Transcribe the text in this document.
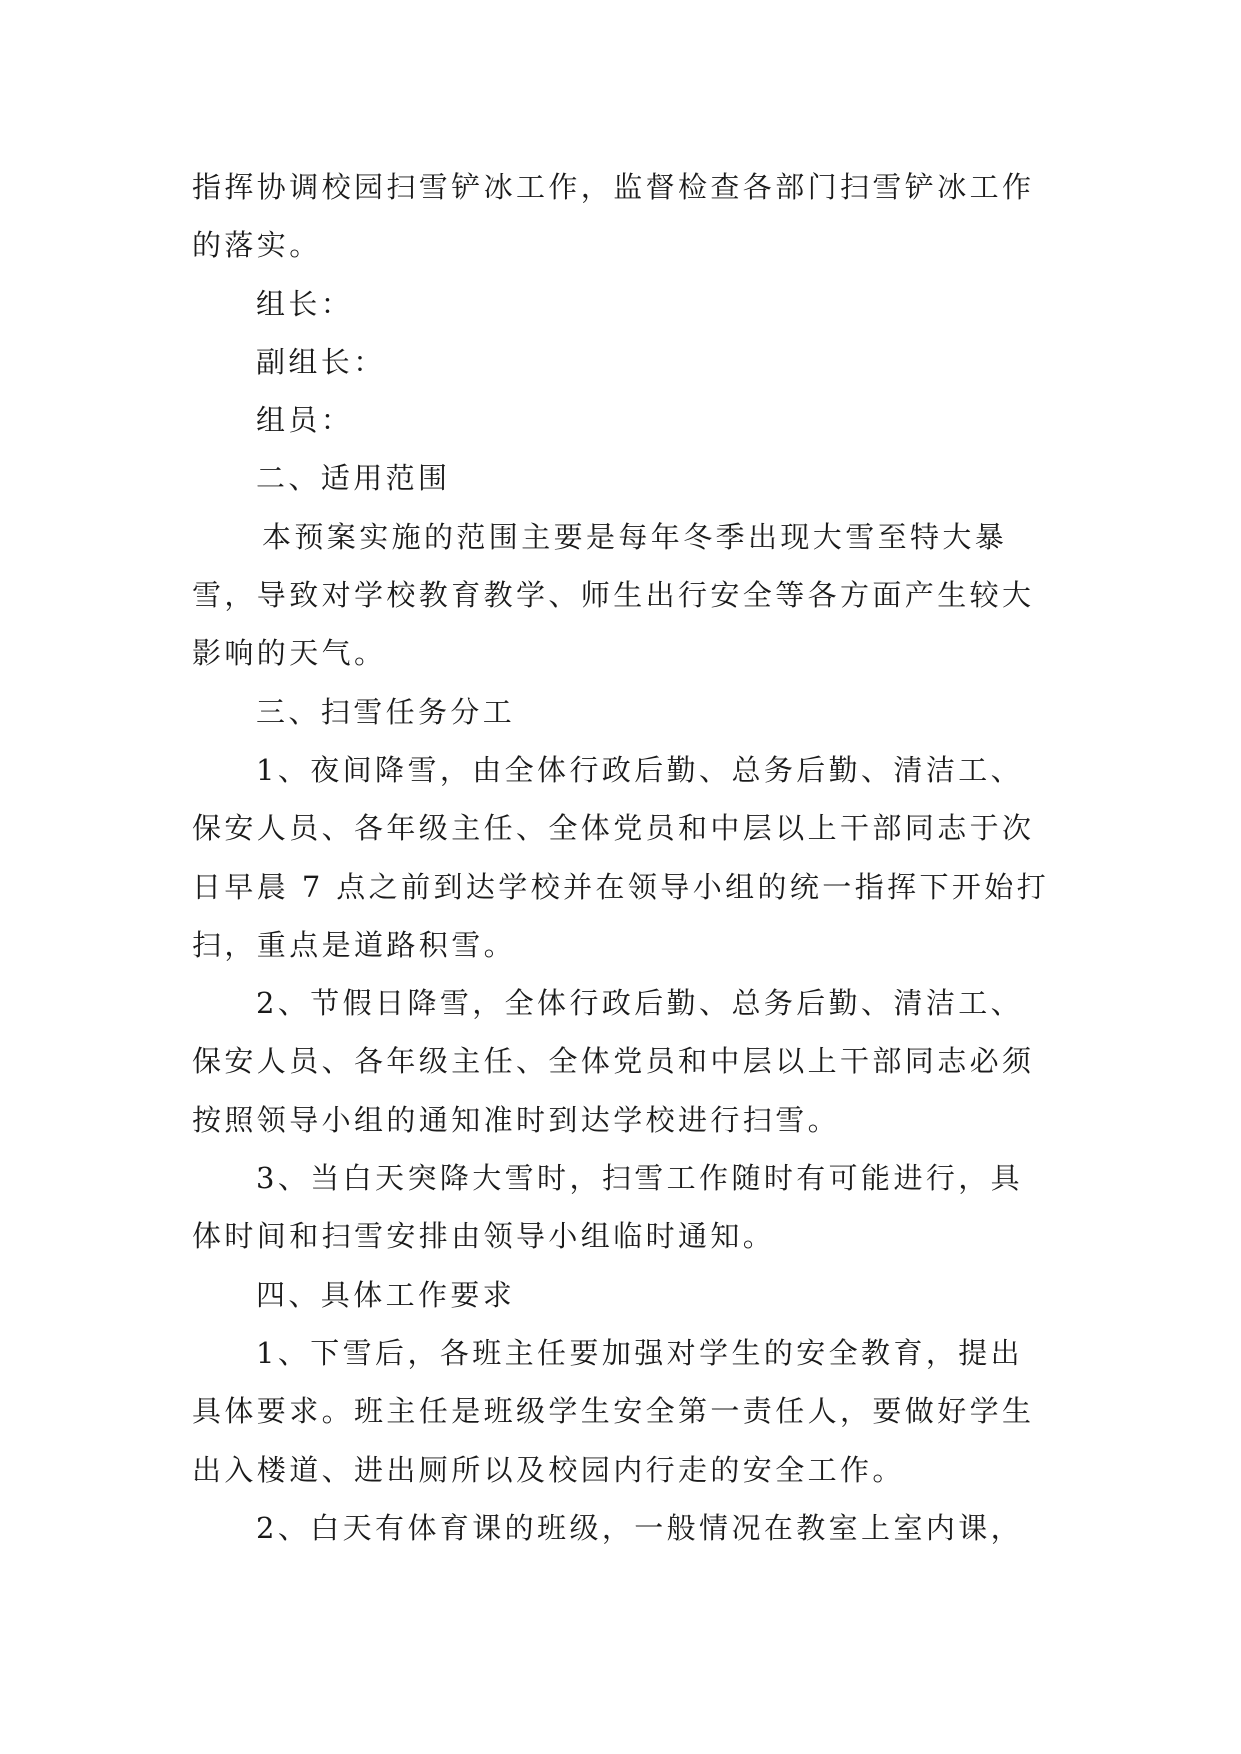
指挥协调校园扫雪铲冰工作，监督检查各部门扫雪铲冰工作
的落实。
组长：
副组长：
组员：
二、适用范围
本预案实施的范围主要是每年冬季出现大雪至特大暴
雪，导致对学校教育教学、师生出行安全等各方面产生较大
影响的天气。
三、扫雪任务分工
1、夜间降雪，由全体行政后勤、总务后勤、清洁工、
保安人员、各年级主任、全体党员和中层以上干部同志于次
日早晨 7 点之前到达学校并在领导小组的统一指挥下开始打
扫，重点是道路积雪。
2、节假日降雪，全体行政后勤、总务后勤、清洁工、
保安人员、各年级主任、全体党员和中层以上干部同志必须
按照领导小组的通知准时到达学校进行扫雪。
3、当白天突降大雪时，扫雪工作随时有可能进行，具
体时间和扫雪安排由领导小组临时通知。
四、具体工作要求
1、下雪后，各班主任要加强对学生的安全教育，提出
具体要求。班主任是班级学生安全第一责任人，要做好学生
出入楼道、进出厕所以及校园内行走的安全工作。
2、白天有体育课的班级，一般情况在教室上室内课，
